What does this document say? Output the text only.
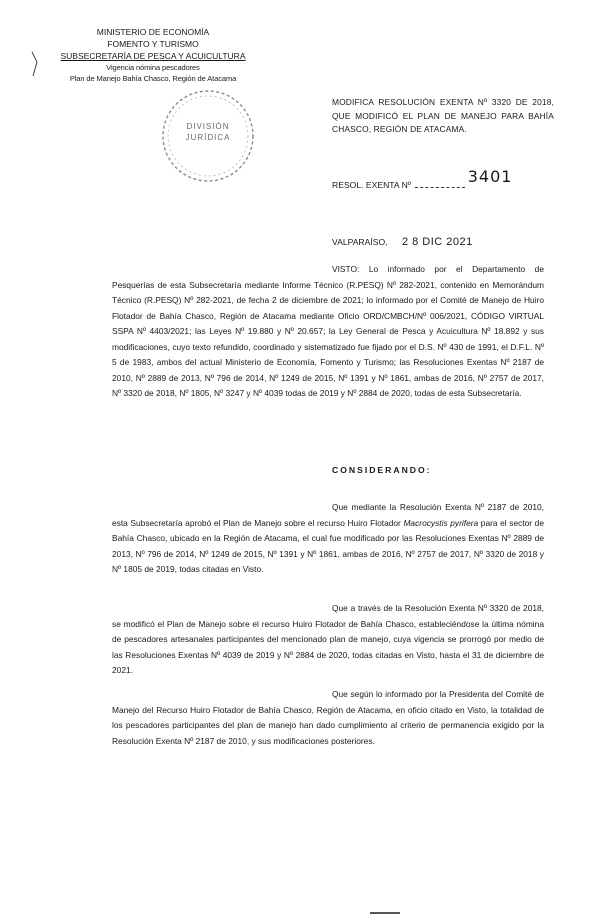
MINISTERIO DE ECONOMÍA
FOMENTO Y TURISMO
SUBSECRETARÍA DE PESCA Y ACUICULTURA
Vigencia nómina pescadores
Plan de Manejo Bahía Chasco, Región de Atacama
DIVISIÓN
JURÍDICA
MODIFICA RESOLUCIÓN EXENTA Nº 3320 DE 2018, QUE MODIFICÓ EL PLAN DE MANEJO PARA BAHÍA CHASCO, REGIÓN DE ATACAMA.
RESOL. EXENTA Nº	3401
VALPARAÍSO, 2 8 DIC 2021
VISTO: Lo informado por el Departamento de Pesquerías de esta Subsecretaría mediante Informe Técnico (R.PESQ) Nº 282-2021, contenido en Memorándum Técnico (R.PESQ) Nº 282-2021, de fecha 2 de diciembre de 2021; lo informado por el Comité de Manejo de Huiro Flotador de Bahía Chasco, Región de Atacama mediante Oficio ORD/CMBCH/Nº 006/2021, CÓDIGO VIRTUAL SSPA Nº 4403/2021; las Leyes Nº 19.880 y Nº 20.657; la Ley General de Pesca y Acuicultura Nº 18.892 y sus modificaciones, cuyo texto refundido, coordinado y sistematizado fue fijado por el D.S. Nº 430 de 1991, el D.F.L. Nº 5 de 1983, ambos del actual Ministerio de Economía, Fomento y Turismo; las Resoluciones Exentas Nº 2187 de 2010, Nº 2889 de 2013, Nº 796 de 2014, Nº 1249 de 2015, Nº 1391 y Nº 1861, ambas de 2016, Nº 2757 de 2017, Nº 3320 de 2018, Nº 1805, Nº 3247 y Nº 4039 todas de 2019 y Nº 2884 de 2020, todas de esta Subsecretaría.
CONSIDERANDO:
Que mediante la Resolución Exenta Nº 2187 de 2010, esta Subsecretaría aprobó el Plan de Manejo sobre el recurso Huiro Flotador Macrocystis pyrifera para el sector de Bahía Chasco, ubicado en la Región de Atacama, el cual fue modificado por las Resoluciones Exentas Nº 2889 de 2013, Nº 796 de 2014, Nº 1249 de 2015, Nº 1391 y Nº 1861, ambas de 2016, Nº 2757 de 2017, Nº 3320 de 2018 y Nº 1805 de 2019, todas citadas en Visto.
Que a través de la Resolución Exenta Nº 3320 de 2018, se modificó el Plan de Manejo sobre el recurso Huiro Flotador de Bahía Chasco, estableciéndose la última nómina de pescadores artesanales participantes del mencionado plan de manejo, cuya vigencia se prorrogó por medio de las Resoluciones Exentas Nº 4039 de 2019 y Nº 2884 de 2020, todas citadas en Visto, hasta el 31 de diciembre de 2021.
Que según lo informado por la Presidenta del Comité de Manejo del Recurso Huiro Flotador de Bahía Chasco, Región de Atacama, en oficio citado en Visto, la totalidad de los pescadores participantes del plan de manejo han dado cumplimiento al criterio de permanencia exigido por la Resolución Exenta Nº 2187 de 2010, y sus modificaciones posteriores.
